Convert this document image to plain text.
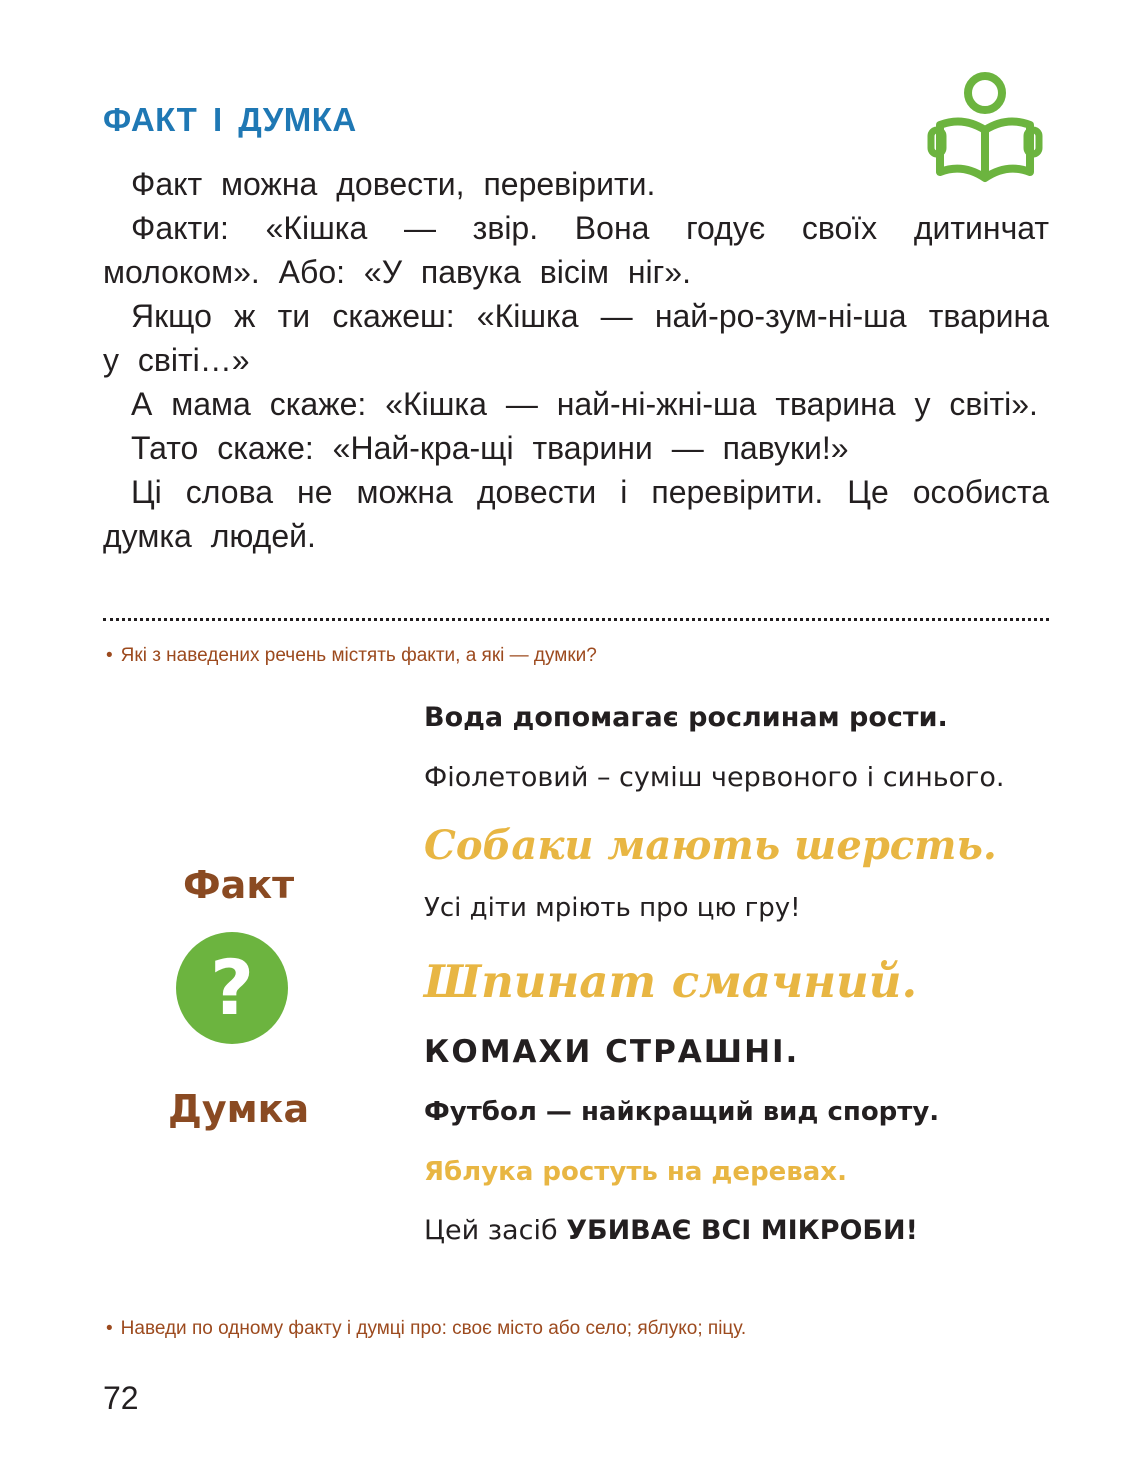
ФАКТ І ДУМКА

Факт можна довести, перевірити.

Факти: «Кішка — звір. Вона годує своїх дитинчат молоком». Або: «У павука вісім ніг».

Якщо ж ти скажеш: «Кішка — най-ро-зум-ні-ша тварина у світі…»

А мама скаже: «Кішка — най-ні-жні-ша тварина у світі».

Тато скаже: «Най-кра-щі тварини — павуки!»

Ці слова не можна довести і перевірити. Це особиста думка людей.

• Які з наведених речень містять факти, а які — думки?
Факт
?
Думка
Вода допомагає рослинам рости.
Фіолетовий – суміш червоного і синього.
Собаки мають шерсть.
Усі діти мріють про цю гру!
Шпинат смачний.
КОМАХИ СТРАШНІ.
Футбол — найкращий вид спорту.
Яблука ростуть на деревах.
Цей засіб УБИВАЄ ВСІ МІКРОБИ!
• Наведи по одному факту і думці про: своє місто або село; яблуко; піцу.
72
